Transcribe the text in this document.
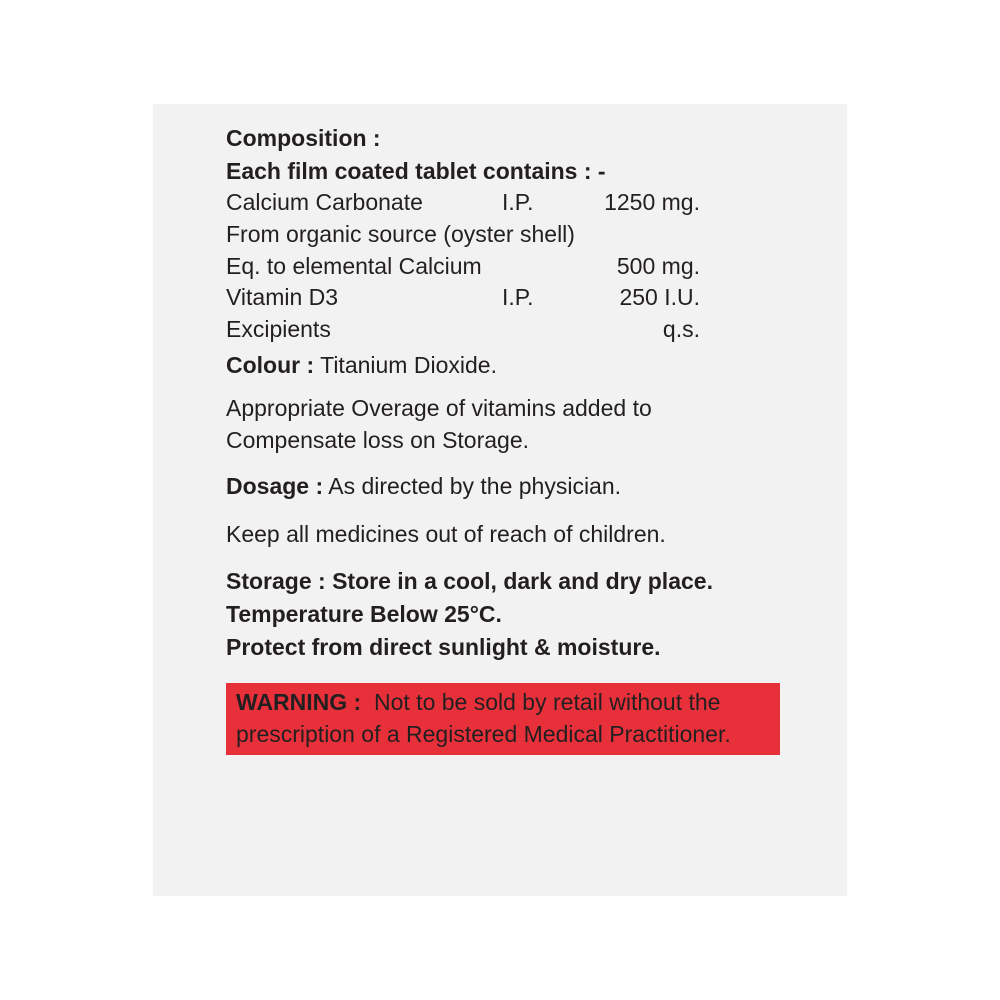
Composition :
Each film coated tablet contains : -
Calcium Carbonate	I.P.	1250 mg.
From organic source (oyster shell)
Eq. to elemental Calcium	500 mg.
Vitamin D3	I.P.	250 I.U.
Excipients	q.s.
Colour : Titanium Dioxide.
Appropriate Overage of vitamins added to
Compensate loss on Storage.
Dosage : As directed by the physician.
Keep all medicines out of reach of children.
Storage : Store in a cool, dark and dry place.
Temperature Below 25°C.
Protect from direct sunlight & moisture.
WARNING :  Not to be sold by retail without the
prescription of a Registered Medical Practitioner.
